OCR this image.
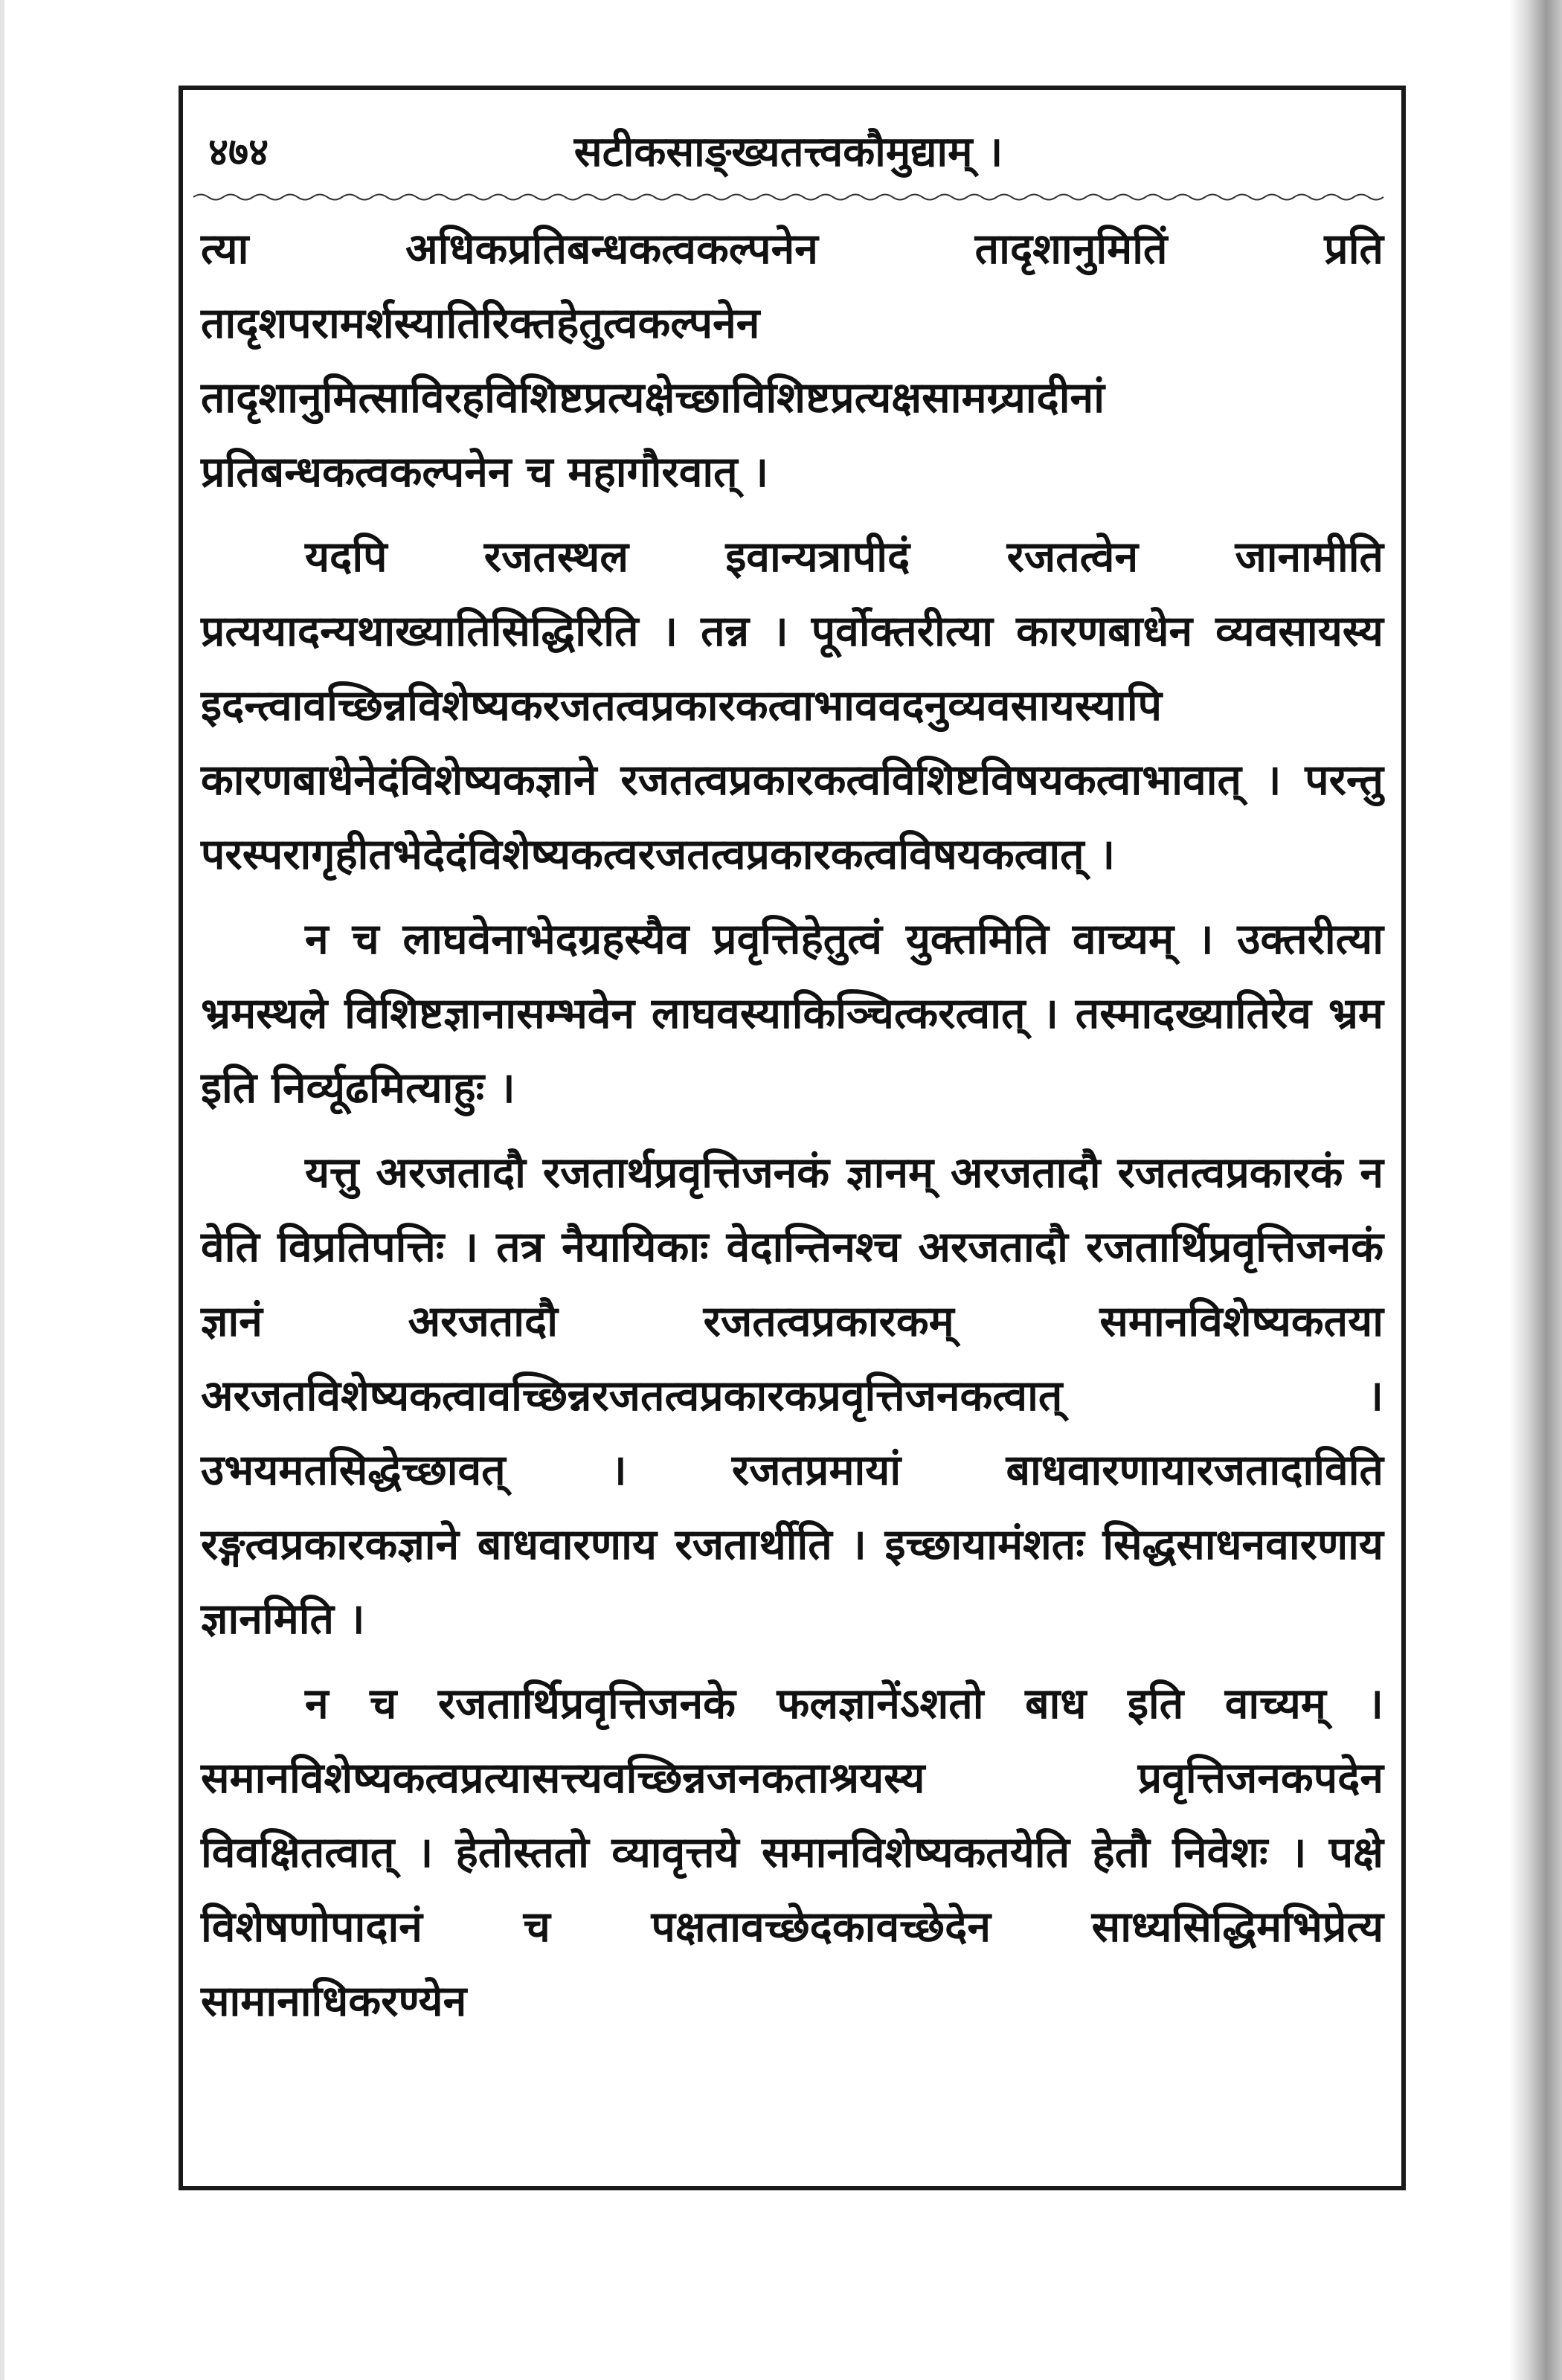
४७४	सटीकसाङ्ख्यतत्त्वकौमुद्याम् ।

त्या अधिकप्रतिबन्धकत्वकल्पनेन तादृशानुमितिं प्रति तादृशपरामर्शस्यातिरिक्तहेतुत्वकल्पनेन तादृशानुमित्साविरहविशिष्टप्रत्यक्षेच्छाविशिष्टप्रत्यक्षसामग्र्यादीनां प्रतिबन्धकत्वकल्पनेन च महागौरवात् ।

यदपि रजतस्थल इवान्यत्रापीदं रजतत्वेन जानामीति प्रत्ययादन्यथाख्यातिसिद्धिरिति । तन्न । पूर्वोक्तरीत्या कारणबाधेन व्यवसायस्य इदन्त्वावच्छिन्नविशेष्यकरजतत्वप्रकारकत्वाभाववदनुव्यवसायस्यापि कारणबाधेनेदंविशेष्यकज्ञाने रजतत्वप्रकारकत्वविशिष्टविषयकत्वाभावात् । परन्तु परस्परागृहीतभेदेदंविशेष्यकत्वरजतत्वप्रकारकत्वविषयकत्वात् ।

न च लाघवेनाभेदग्रहस्यैव प्रवृत्तिहेतुत्वं युक्तमिति वाच्यम् । उक्तरीत्या भ्रमस्थले विशिष्टज्ञानासम्भवेन लाघवस्याकिञ्चित्करत्वात् । तस्मादख्यातिरेव भ्रम इति निर्व्यूढमित्याहुः ।

यत्तु अरजतादौ रजतार्थप्रवृत्तिजनकं ज्ञानम् अरजतादौ रजतत्वप्रकारकं न वेति विप्रतिपत्तिः । तत्र नैयायिकाः वेदान्तिनश्च अरजतादौ रजतार्थिप्रवृत्तिजनकं ज्ञानं अरजतादौ रजतत्वप्रकारकम् समानविशेष्यकतया अरजतविशेष्यकत्वावच्छिन्नरजतत्वप्रकारकप्रवृत्तिजनकत्वात् । उभयमतसिद्धेच्छावत् । रजतप्रमायां बाधवारणायारजतादाविति रङ्गत्वप्रकारकज्ञाने बाधवारणाय रजतार्थीति । इच्छायामंशतः सिद्धसाधनवारणाय ज्ञानमिति ।

न च रजतार्थिप्रवृत्तिजनके फलज्ञानेंऽशतो बाध इति वाच्यम् । समानविशेष्यकत्वप्रत्यासत्त्यवच्छिन्नजनकताश्रयस्य प्रवृत्तिजनकपदेन विवक्षितत्वात् । हेतोस्ततो व्यावृत्तये समानविशेष्यकतयेति हेतौ निवेशः । पक्षे विशेषणोपादानं च पक्षतावच्छेदकावच्छेदेन साध्यसिद्धिमभिप्रेत्य सामानाधिकरण्येन
